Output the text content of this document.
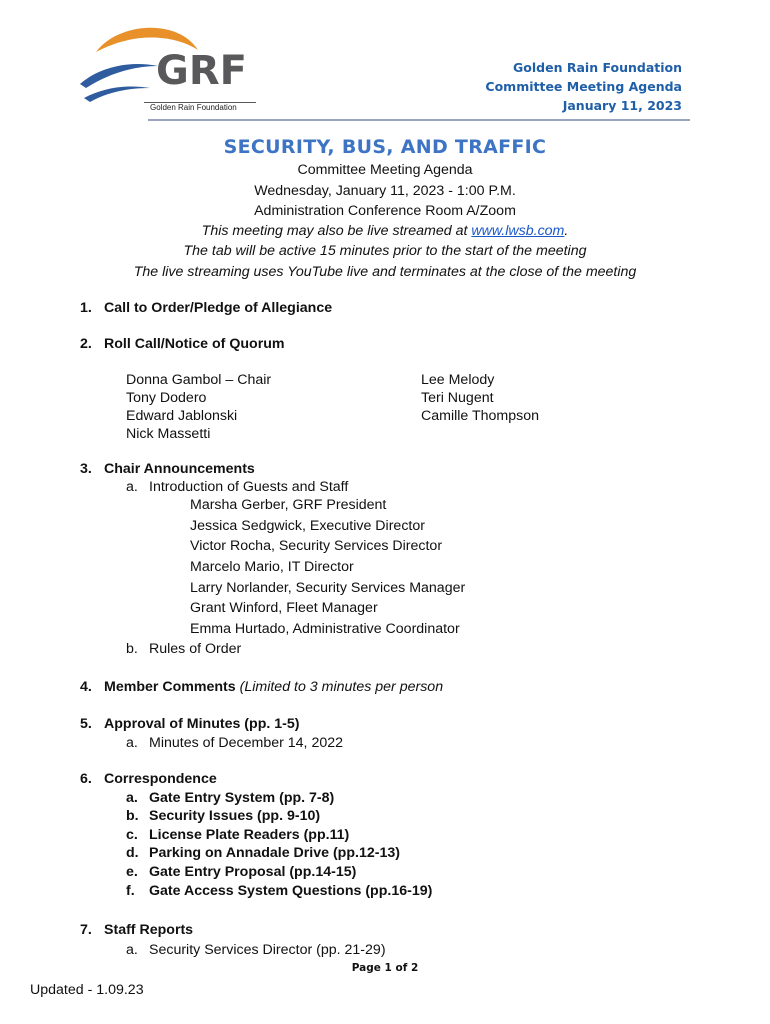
GRF
Golden Rain Foundation
Golden Rain Foundation
Committee Meeting Agenda
January 11, 2023
SECURITY, BUS, AND TRAFFIC
Committee Meeting Agenda
Wednesday, January 11, 2023 - 1:00 P.M.
Administration Conference Room A/Zoom
This meeting may also be live streamed at www.lwsb.com.
The tab will be active 15 minutes prior to the start of the meeting
The live streaming uses YouTube live and terminates at the close of the meeting
1. Call to Order/Pledge of Allegiance
2. Roll Call/Notice of Quorum
Donna Gambol – Chair
Tony Dodero
Edward Jablonski
Nick Massetti
Lee Melody
Teri Nugent
Camille Thompson
3. Chair Announcements
a. Introduction of Guests and Staff
Marsha Gerber, GRF President
Jessica Sedgwick, Executive Director
Victor Rocha, Security Services Director
Marcelo Mario, IT Director
Larry Norlander, Security Services Manager
Grant Winford, Fleet Manager
Emma Hurtado, Administrative Coordinator
b. Rules of Order
4. Member Comments (Limited to 3 minutes per person
5. Approval of Minutes (pp. 1-5)
a. Minutes of December 14, 2022
6. Correspondence
a. Gate Entry System (pp. 7-8)
b. Security Issues (pp. 9-10)
c. License Plate Readers (pp.11)
d. Parking on Annadale Drive (pp.12-13)
e. Gate Entry Proposal (pp.14-15)
f. Gate Access System Questions (pp.16-19)
7. Staff Reports
a. Security Services Director (pp. 21-29)
Page 1 of 2
Updated - 1.09.23
